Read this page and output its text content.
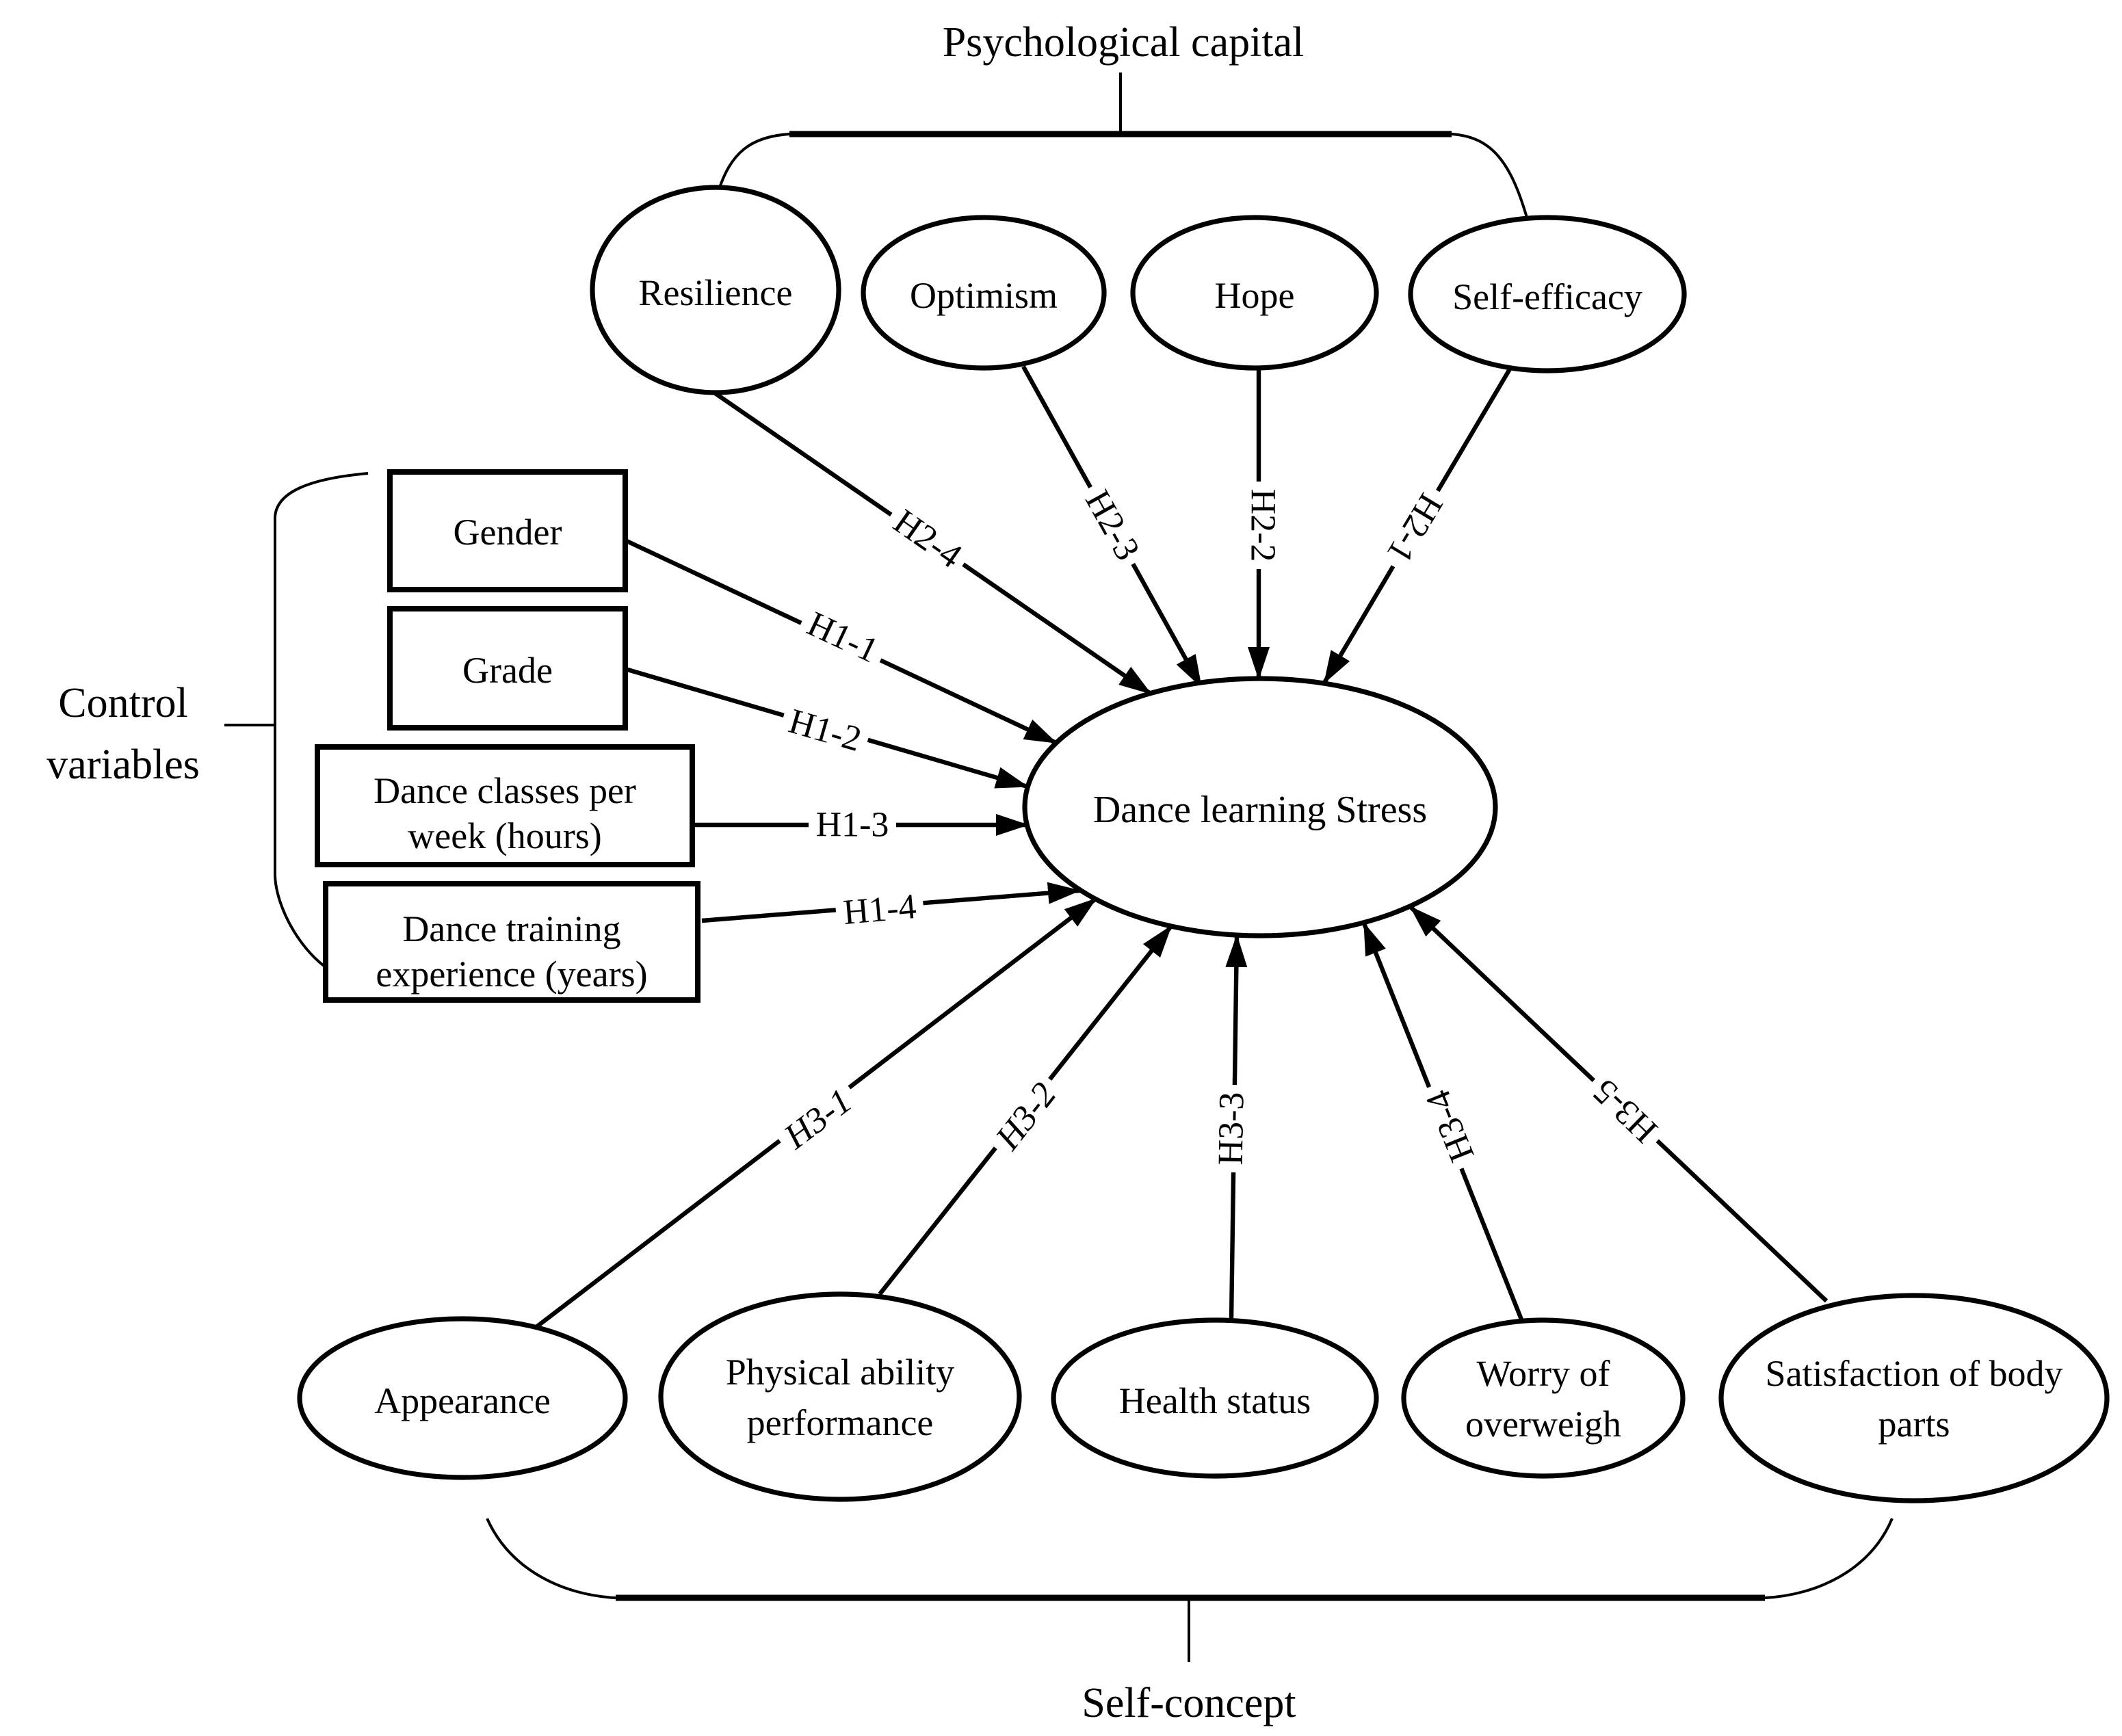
H2-4	H2-3	H2-2	H2-1
H1-1
H1-2
H1-3
H1-4
H3-1	H3-2	H3-3	H3-4	H3-5
Dance learning Stress
Resilience	Optimism	Hope	Self-efficacy
Gender
Grade
Dance classes per
week (hours)
Dance training
experience (years)
Appearance
Physical ability
performance
Health status
Worry of
overweigh
Satisfaction of body
parts
Psychological capital
Control
variables
Self-concept
